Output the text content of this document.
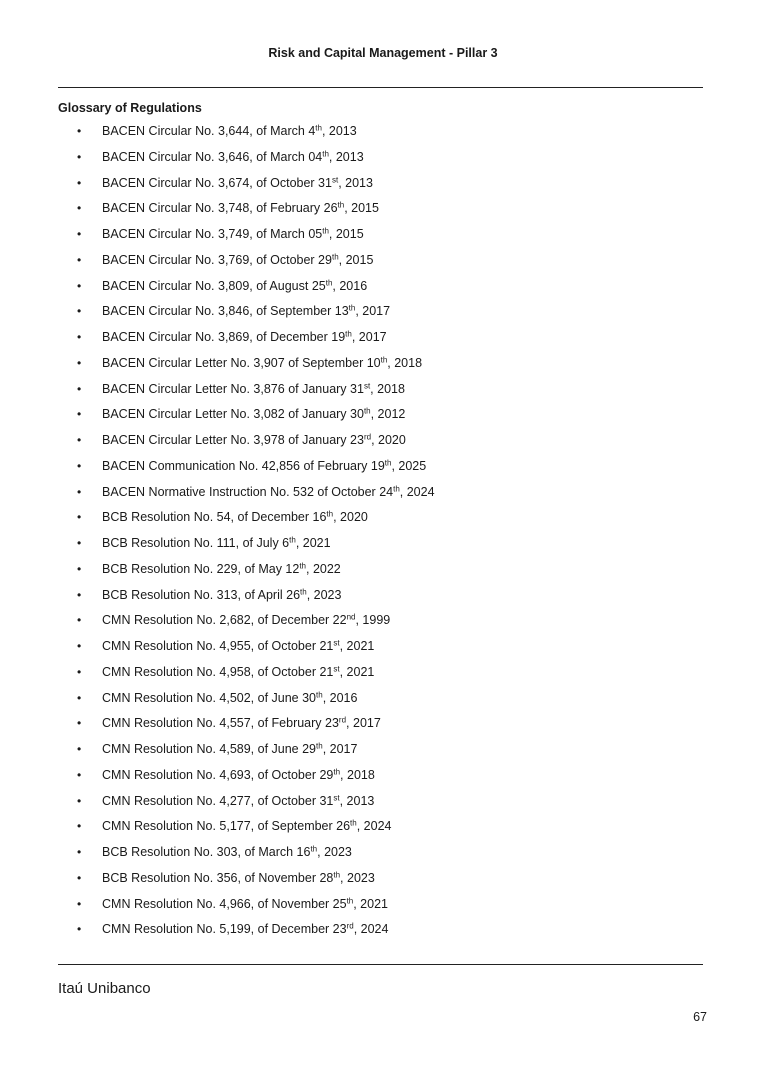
Risk and Capital Management - Pillar 3
Glossary of Regulations
• BACEN Circular No. 3,644, of March 4th, 2013
• BACEN Circular No. 3,646, of March 04th, 2013
• BACEN Circular No. 3,674, of October 31st, 2013
• BACEN Circular No. 3,748, of February 26th, 2015
• BACEN Circular No. 3,749, of March 05th, 2015
• BACEN Circular No. 3,769, of October 29th, 2015
• BACEN Circular No. 3,809, of August 25th, 2016
• BACEN Circular No. 3,846, of September 13th, 2017
• BACEN Circular No. 3,869, of December 19th, 2017
• BACEN Circular Letter No. 3,907 of September 10th, 2018
• BACEN Circular Letter No. 3,876 of January 31st, 2018
• BACEN Circular Letter No. 3,082 of January 30th, 2012
• BACEN Circular Letter No. 3,978 of January 23rd, 2020
• BACEN Communication No. 42,856 of February 19th, 2025
• BACEN Normative Instruction No. 532 of October 24th, 2024
• BCB Resolution No. 54, of December 16th, 2020
• BCB Resolution No. 111, of July 6th, 2021
• BCB Resolution No. 229, of May 12th, 2022
• BCB Resolution No. 313, of April 26th, 2023
• CMN Resolution No. 2,682, of December 22nd, 1999
• CMN Resolution No. 4,955, of October 21st, 2021
• CMN Resolution No. 4,958, of October 21st, 2021
• CMN Resolution No. 4,502, of June 30th, 2016
• CMN Resolution No. 4,557, of February 23rd, 2017
• CMN Resolution No. 4,589, of June 29th, 2017
• CMN Resolution No. 4,693, of October 29th, 2018
• CMN Resolution No. 4,277, of October 31st, 2013
• CMN Resolution No. 5,177, of September 26th, 2024
• BCB Resolution No. 303, of March 16th, 2023
• BCB Resolution No. 356, of November 28th, 2023
• CMN Resolution No. 4,966, of November 25th, 2021
• CMN Resolution No. 5,199, of December 23rd, 2024
Itaú Unibanco
67
